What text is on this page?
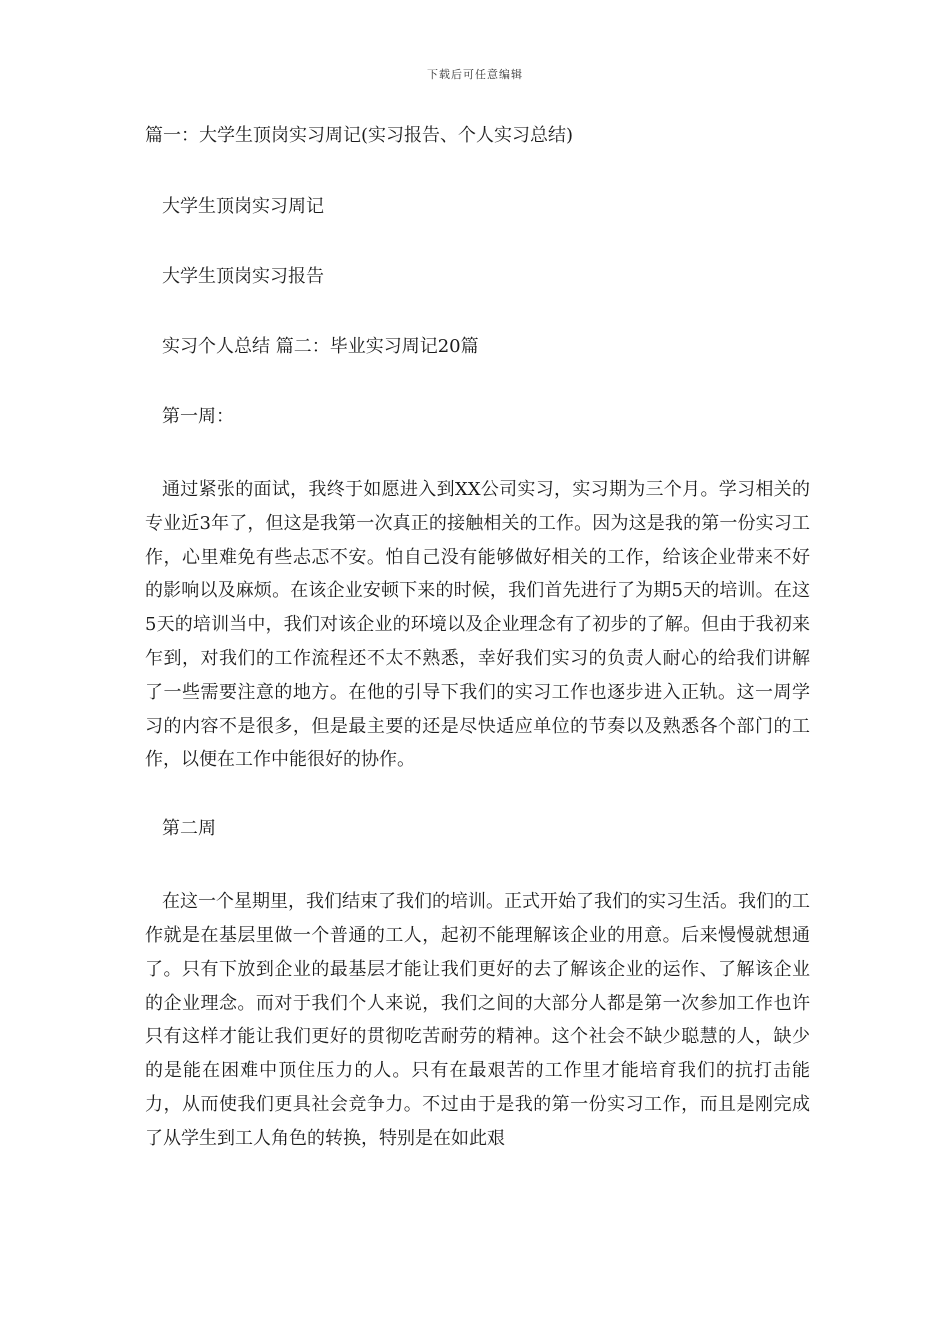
下载后可任意编辑

篇一：大学生顶岗实习周记(实习报告、个人实习总结)

大学生顶岗实习周记

大学生顶岗实习报告

实习个人总结 篇二：毕业实习周记20篇

第一周：

通过紧张的面试，我终于如愿进入到XX公司实习，实习期为三个月。学习相关的专业近3年了，但这是我第一次真正的接触相关的工作。因为这是我的第一份实习工作，心里难免有些忐忑不安。怕自己没有能够做好相关的工作，给该企业带来不好的影响以及麻烦。在该企业安顿下来的时候，我们首先进行了为期5天的培训。在这5天的培训当中，我们对该企业的环境以及企业理念有了初步的了解。但由于我初来乍到，对我们的工作流程还不太不熟悉，幸好我们实习的负责人耐心的给我们讲解了一些需要注意的地方。在他的引导下我们的实习工作也逐步进入正轨。这一周学习的内容不是很多，但是最主要的还是尽快适应单位的节奏以及熟悉各个部门的工作，以便在工作中能很好的协作。

第二周

在这一个星期里，我们结束了我们的培训。正式开始了我们的实习生活。我们的工作就是在基层里做一个普通的工人，起初不能理解该企业的用意。后来慢慢就想通了。只有下放到企业的最基层才能让我们更好的去了解该企业的运作、了解该企业的企业理念。而对于我们个人来说，我们之间的大部分人都是第一次参加工作也许只有这样才能让我们更好的贯彻吃苦耐劳的精神。这个社会不缺少聪慧的人，缺少的是能在困难中顶住压力的人。只有在最艰苦的工作里才能培育我们的抗打击能力，从而使我们更具社会竞争力。不过由于是我的第一份实习工作，而且是刚完成了从学生到工人角色的转换，特别是在如此艰
